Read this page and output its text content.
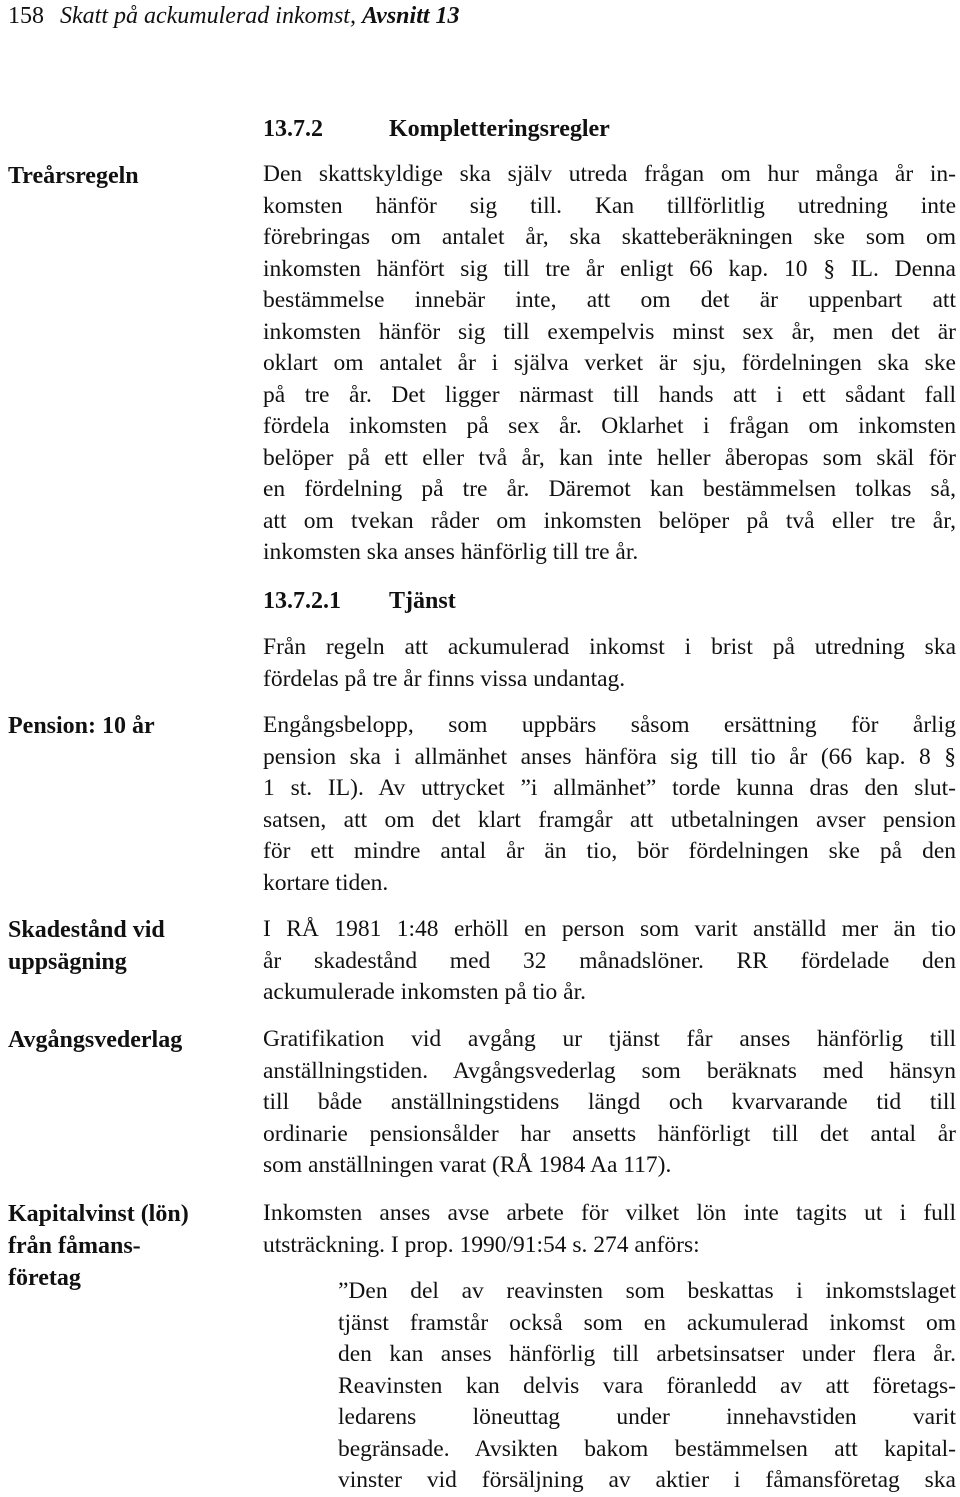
158 Skatt på ackumulerad inkomst, Avsnitt 13
Treårsregeln
Pension: 10 år
Skadestånd vid
uppsägning
Avgångsvederlag
Kapitalvinst (lön)
från fåmans-
företag
13.7.2	Kompletteringsregler
Den skattskyldige ska själv utreda frågan om hur många år in-
komsten hänför sig till. Kan tillförlitlig utredning inte
förebringas om antalet år, ska skatteberäkningen ske som om
inkomsten hänfört sig till tre år enligt 66 kap. 10 § IL. Denna
bestämmelse innebär inte, att om det är uppenbart att
inkomsten hänför sig till exempelvis minst sex år, men det är
oklart om antalet år i själva verket är sju, fördelningen ska ske
på tre år. Det ligger närmast till hands att i ett sådant fall
fördela inkomsten på sex år. Oklarhet i frågan om inkomsten
belöper på ett eller två år, kan inte heller åberopas som skäl för
en fördelning på tre år. Däremot kan bestämmelsen tolkas så,
att om tvekan råder om inkomsten belöper på två eller tre år,
inkomsten ska anses hänförlig till tre år.
13.7.2.1 Tjänst
Från regeln att ackumulerad inkomst i brist på utredning ska
fördelas på tre år finns vissa undantag.
Engångsbelopp, som uppbärs såsom ersättning för årlig
pension ska i allmänhet anses hänföra sig till tio år (66 kap. 8 §
1 st. IL). Av uttrycket ”i allmänhet” torde kunna dras den slut-
satsen, att om det klart framgår att utbetalningen avser pension
för ett mindre antal år än tio, bör fördelningen ske på den
kortare tiden.
I RÅ 1981 1:48 erhöll en person som varit anställd mer än tio
år skadestånd med 32 månadslöner. RR fördelade den
ackumulerade inkomsten på tio år.
Gratifikation vid avgång ur tjänst får anses hänförlig till
anställningstiden. Avgångsvederlag som beräknats med hänsyn
till både anställningstidens längd och kvarvarande tid till
ordinarie pensionsålder har ansetts hänförligt till det antal år
som anställningen varat (RÅ 1984 Aa 117).
Inkomsten anses avse arbete för vilket lön inte tagits ut i full
utsträckning. I prop. 1990/91:54 s. 274 anförs:
”Den del av reavinsten som beskattas i inkomstslaget
tjänst framstår också som en ackumulerad inkomst om
den kan anses hänförlig till arbetsinsatser under flera år.
Reavinsten kan delvis vara föranledd av att företags-
ledarens löneuttag under innehavstiden varit
begränsade. Avsikten bakom bestämmelsen att kapital-
vinster vid försäljning av aktier i fåmansföretag ska
